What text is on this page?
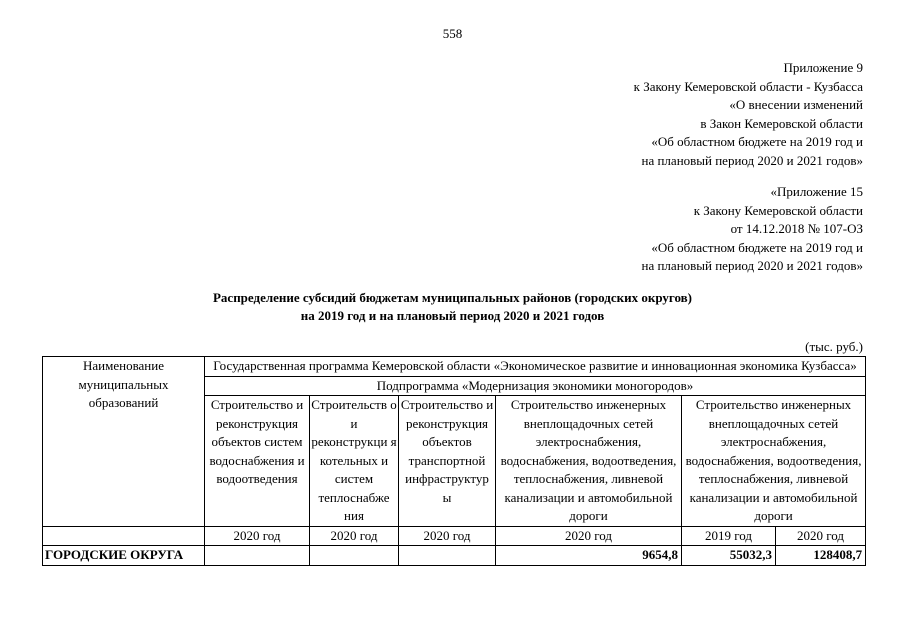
558
Приложение 9
к Закону Кемеровской области - Кузбасса
«О внесении изменений
в Закон Кемеровской области
«Об областном бюджете на 2019 год и
на плановый период 2020 и 2021 годов»
«Приложение 15
к Закону Кемеровской области
от 14.12.2018 № 107-ОЗ
«Об областном бюджете на 2019 год и
на плановый период 2020 и 2021 годов»
Распределение субсидий бюджетам муниципальных районов (городских округов)
на 2019 год и на плановый период 2020 и 2021 годов
(тыс. руб.)
Наименование муниципальных образований	Государственная программа Кемеровской области «Экономическое развитие и инновационная экономика Кузбасса»					
	Подпрограмма «Модернизация экономики моногородов»					
	Строительство и реконструкция объектов систем водоснабжения и водоотведения	Строительств о и реконструкци я котельных и систем теплоснабже ния	Строительство и реконструкция объектов транспортной инфраструктур ы	Строительство инженерных внеплощадочных сетей электроснабжения, водоснабжения, водоотведения, теплоснабжения, ливневой канализации и автомобильной дороги	Строительство инженерных внеплощадочных сетей электроснабжения, водоснабжения, водоотведения, теплоснабжения, ливневой канализации и автомобильной дороги	
	2020 год	2020 год	2020 год	2020 год	2019 год	2020 год
ГОРОДСКИЕ ОКРУГА				9654,8	55032,3	128408,7
